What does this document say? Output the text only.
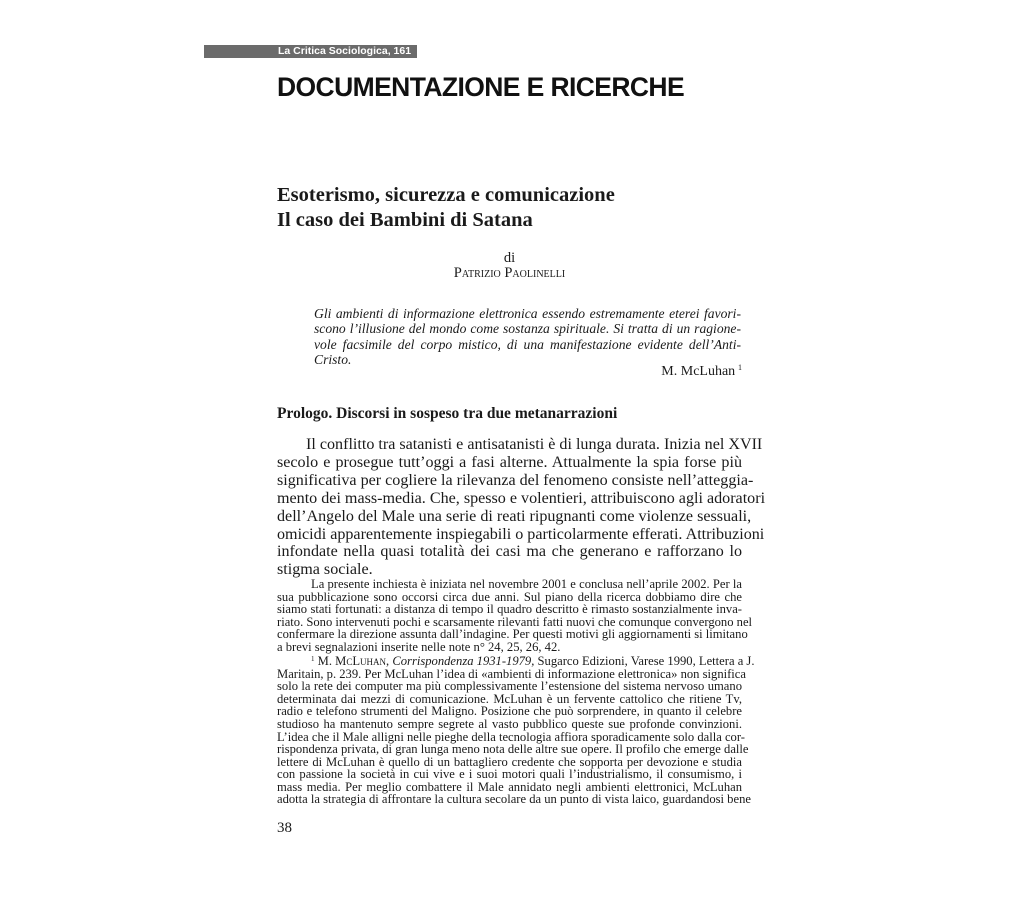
La Critica Sociologica, 161
DOCUMENTAZIONE E RICERCHE
Esoterismo, sicurezza e comunicazione
Il caso dei Bambini di Satana
di
Patrizio Paolinelli
Gli ambienti di informazione elettronica essendo estremamente eterei favori-
scono l’illusione del mondo come sostanza spirituale. Si tratta di un ragione-
vole facsimile del corpo mistico, di una manifestazione evidente dell’Anti-
Cristo.
M. McLuhan  $^1$
Prologo. Discorsi in sospeso tra due metanarrazioni
Il conflitto tra satanisti e antisatanisti è di lunga durata. Inizia nel XVII
secolo e prosegue tutt’oggi a fasi alterne. Attualmente la spia forse più
significativa per cogliere la rilevanza del fenomeno consiste nell’atteggia-
mento dei mass-media. Che, spesso e volentieri, attribuiscono agli adoratori
dell’Angelo del Male una serie di reati ripugnanti come violenze sessuali,
omicidi apparentemente inspiegabili o particolarmente efferati. Attribuzioni
infondate nella quasi totalità dei casi ma che generano e rafforzano lo
stigma sociale.
La presente inchiesta è iniziata nel novembre 2001 e conclusa nell’aprile 2002. Per la
sua pubblicazione sono occorsi circa due anni. Sul piano della ricerca dobbiamo dire che
siamo stati fortunati: a distanza di tempo il quadro descritto è rimasto sostanzialmente inva-
riato. Sono intervenuti pochi e scarsamente rilevanti fatti nuovi che comunque convergono nel
confermare la direzione assunta dall’indagine. Per questi motivi gli aggiornamenti si limitano
a brevi segnalazioni inserite nelle note n° 24, 25, 26, 42.
$^1$ M. McLuhan, Corrispondenza 1931-1979, Sugarco Edizioni, Varese 1990, Lettera a J.
Maritain, p. 239. Per McLuhan l’idea di «ambienti di informazione elettronica» non significa
solo la rete dei computer ma più complessivamente l’estensione del sistema nervoso umano
determinata dai mezzi di comunicazione. McLuhan è un fervente cattolico che ritiene Tv,
radio e telefono strumenti del Maligno. Posizione che può sorprendere, in quanto il celebre
studioso ha mantenuto sempre segrete al vasto pubblico queste sue profonde convinzioni.
L’idea che il Male alligni nelle pieghe della tecnologia affiora sporadicamente solo dalla cor-
rispondenza privata, di gran lunga meno nota delle altre sue opere. Il profilo che emerge dalle
lettere di McLuhan è quello di un battagliero credente che sopporta per devozione e studia
con passione la società in cui vive e i suoi motori quali l’industrialismo, il consumismo, i
mass media. Per meglio combattere il Male annidato negli ambienti elettronici, McLuhan
adotta la strategia di affrontare la cultura secolare da un punto di vista laico, guardandosi bene
38
